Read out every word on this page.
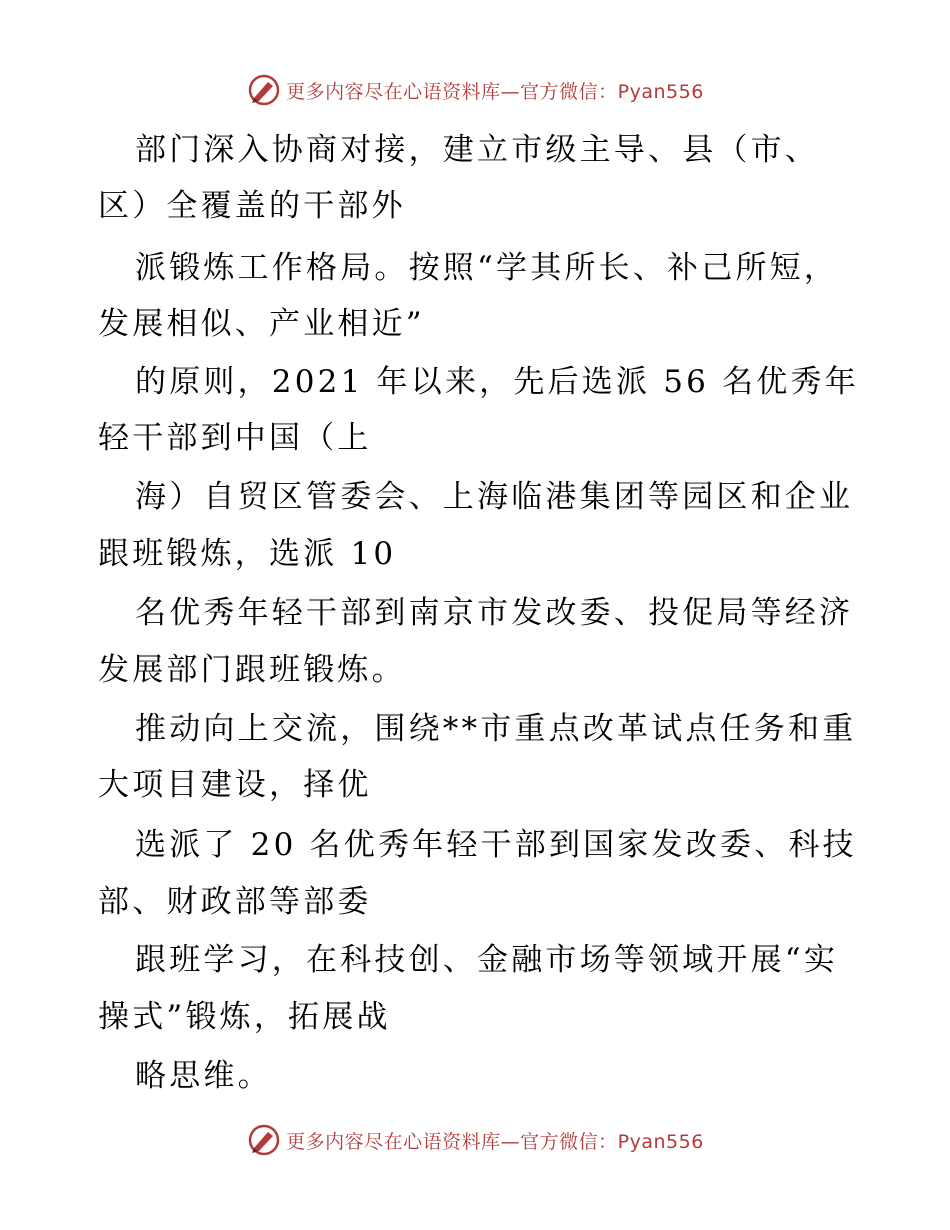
更多内容尽在心语资料库—官方微信：Pyan556
部门深入协商对接，建立市级主导、县（市、
区）全覆盖的干部外
派锻炼工作格局。按照“学其所长、补己所短，
发展相似、产业相近”
的原则，2021 年以来，先后选派 56 名优秀年
轻干部到中国（上
海）自贸区管委会、上海临港集团等园区和企业
跟班锻炼，选派 10
名优秀年轻干部到南京市发改委、投促局等经济
发展部门跟班锻炼。
推动向上交流，围绕**市重点改革试点任务和重
大项目建设，择优
选派了 20 名优秀年轻干部到国家发改委、科技
部、财政部等部委
跟班学习，在科技创、金融市场等领域开展“实
操式”锻炼，拓展战
略思维。
更多内容尽在心语资料库—官方微信：Pyan556
